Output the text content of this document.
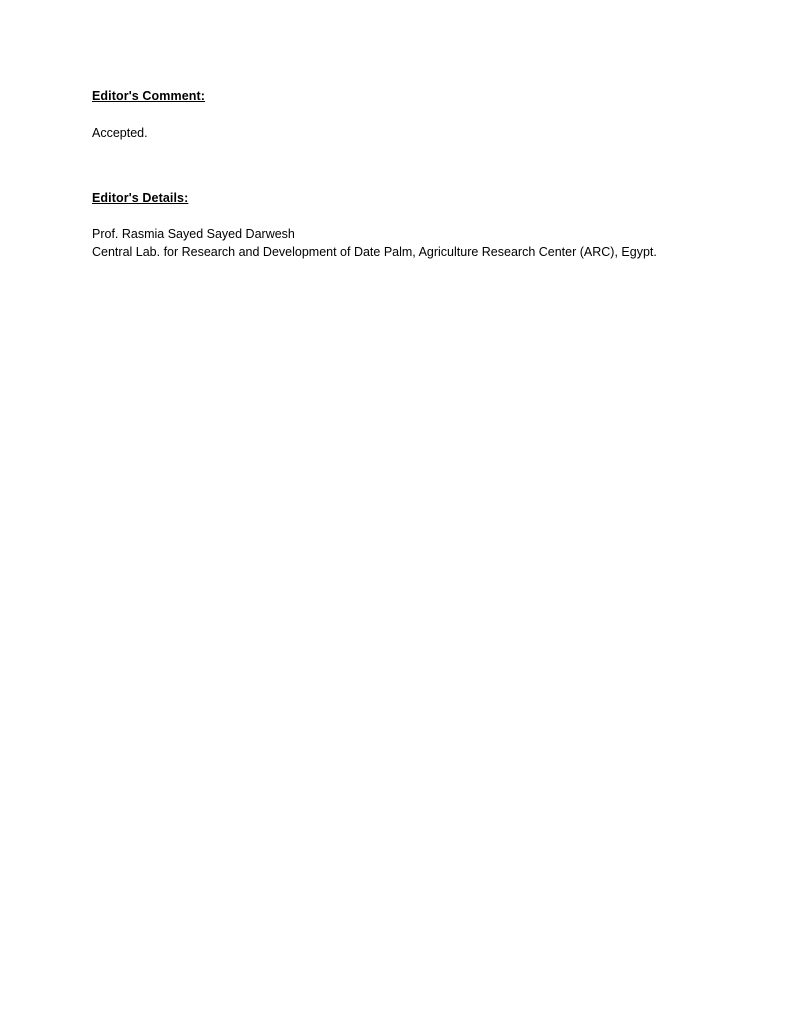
Editor's Comment:

Accepted.

Editor's Details:

Prof. Rasmia Sayed Sayed Darwesh

Central Lab. for Research and Development of Date Palm, Agriculture Research Center (ARC), Egypt.
